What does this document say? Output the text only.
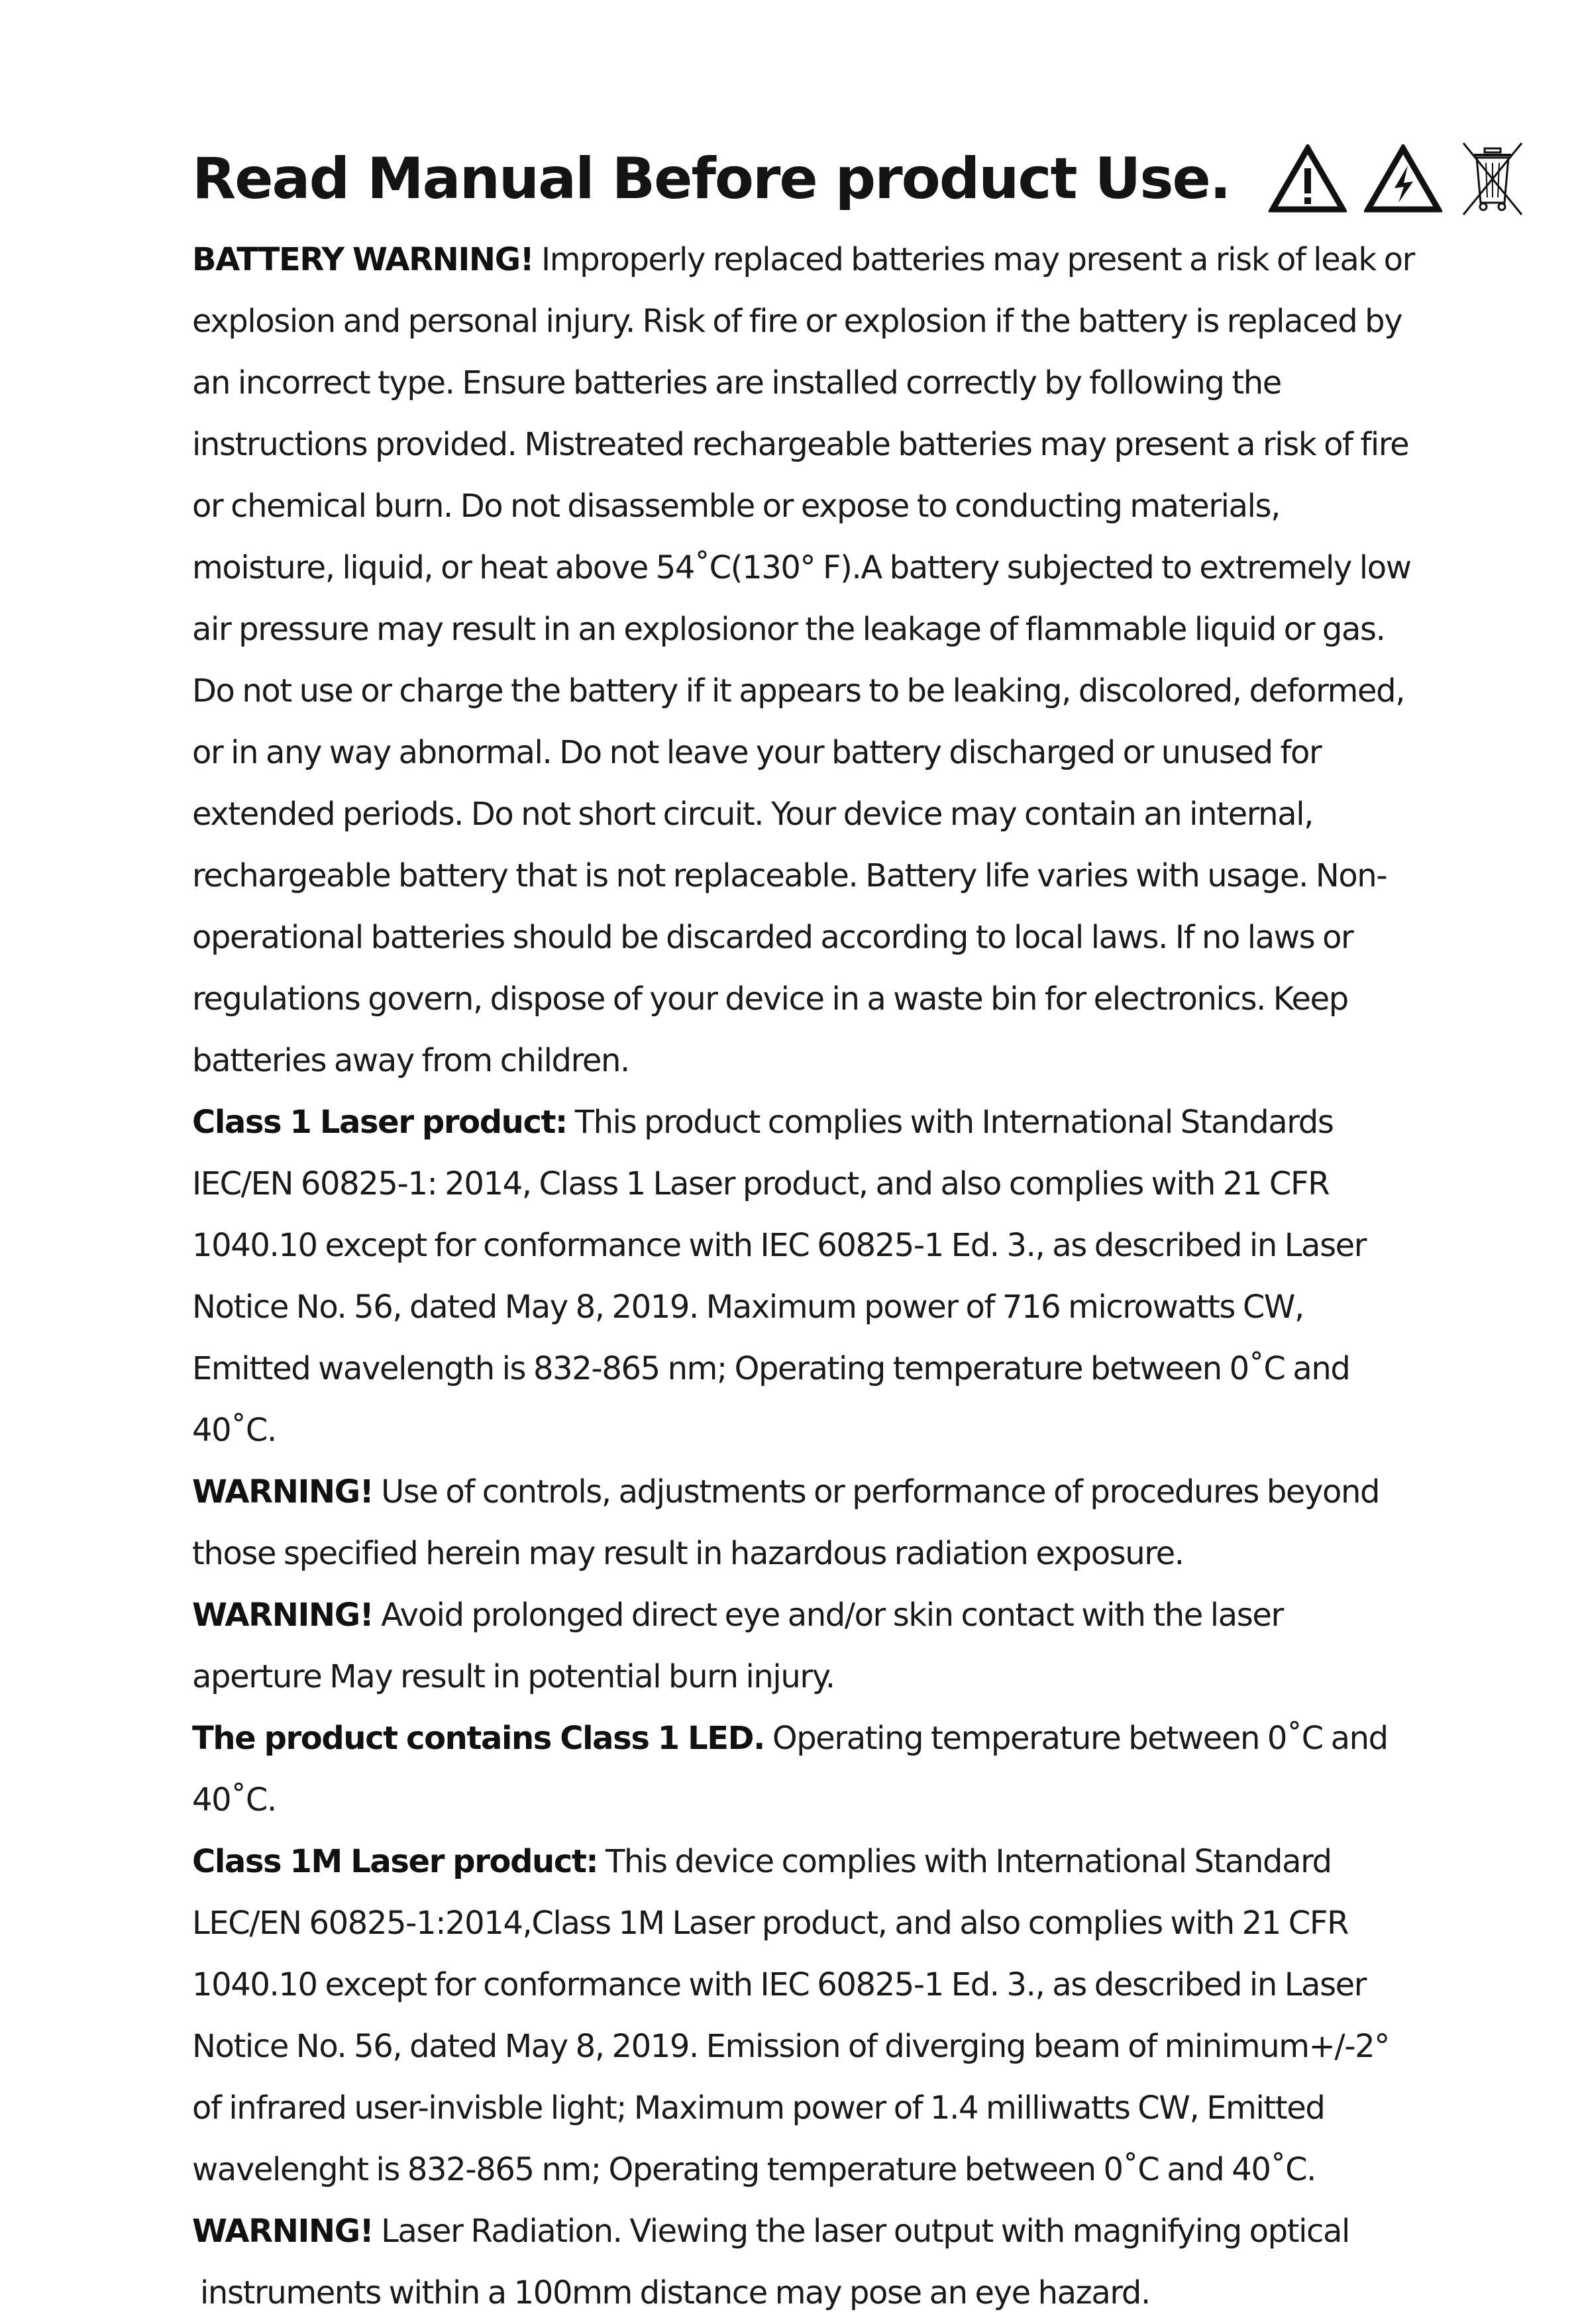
Read Manual Before product Use.

BATTERY WARNING! Improperly replaced batteries may present a risk of leak or explosion and personal injury. Risk of fire or explosion if the battery is replaced by an incorrect type. Ensure batteries are installed correctly by following the instructions provided. Mistreated rechargeable batteries may present a risk of fire or chemical burn. Do not disassemble or expose to conducting materials, moisture, liquid, or heat above 54˚C(130° F).A battery subjected to extremely low air pressure may result in an explosionor the leakage of flammable liquid or gas. Do not use or charge the battery if it appears to be leaking, discolored, deformed, or in any way abnormal. Do not leave your battery discharged or unused for extended periods. Do not short circuit. Your device may contain an internal, rechargeable battery that is not replaceable. Battery life varies with usage. Non-operational batteries should be discarded according to local laws. If no laws or regulations govern, dispose of your device in a waste bin for electronics. Keep batteries away from children.

Class 1 Laser product: This product complies with International Standards IEC/EN 60825-1: 2014, Class 1 Laser product, and also complies with 21 CFR 1040.10 except for conformance with IEC 60825-1 Ed. 3., as described in Laser Notice No. 56, dated May 8, 2019. Maximum power of 716 microwatts CW, Emitted wavelength is 832-865 nm; Operating temperature between 0˚C and 40˚C.

WARNING! Use of controls, adjustments or performance of procedures beyond those specified herein may result in hazardous radiation exposure.

WARNING! Avoid prolonged direct eye and/or skin contact with the laser aperture May result in potential burn injury.

The product contains Class 1 LED. Operating temperature between 0˚C and 40˚C.

Class 1M Laser product: This device complies with International Standard LEC/EN 60825-1:2014,Class 1M Laser product, and also complies with 21 CFR 1040.10 except for conformance with IEC 60825-1 Ed. 3., as described in Laser Notice No. 56, dated May 8, 2019. Emission of diverging beam of minimum+/-2° of infrared user-invisble light; Maximum power of 1.4 milliwatts CW, Emitted wavelenght is 832-865 nm; Operating temperature between 0˚C and 40˚C.

WARNING! Laser Radiation. Viewing the laser output with magnifying optical

instruments within a 100mm distance may pose an eye hazard.
